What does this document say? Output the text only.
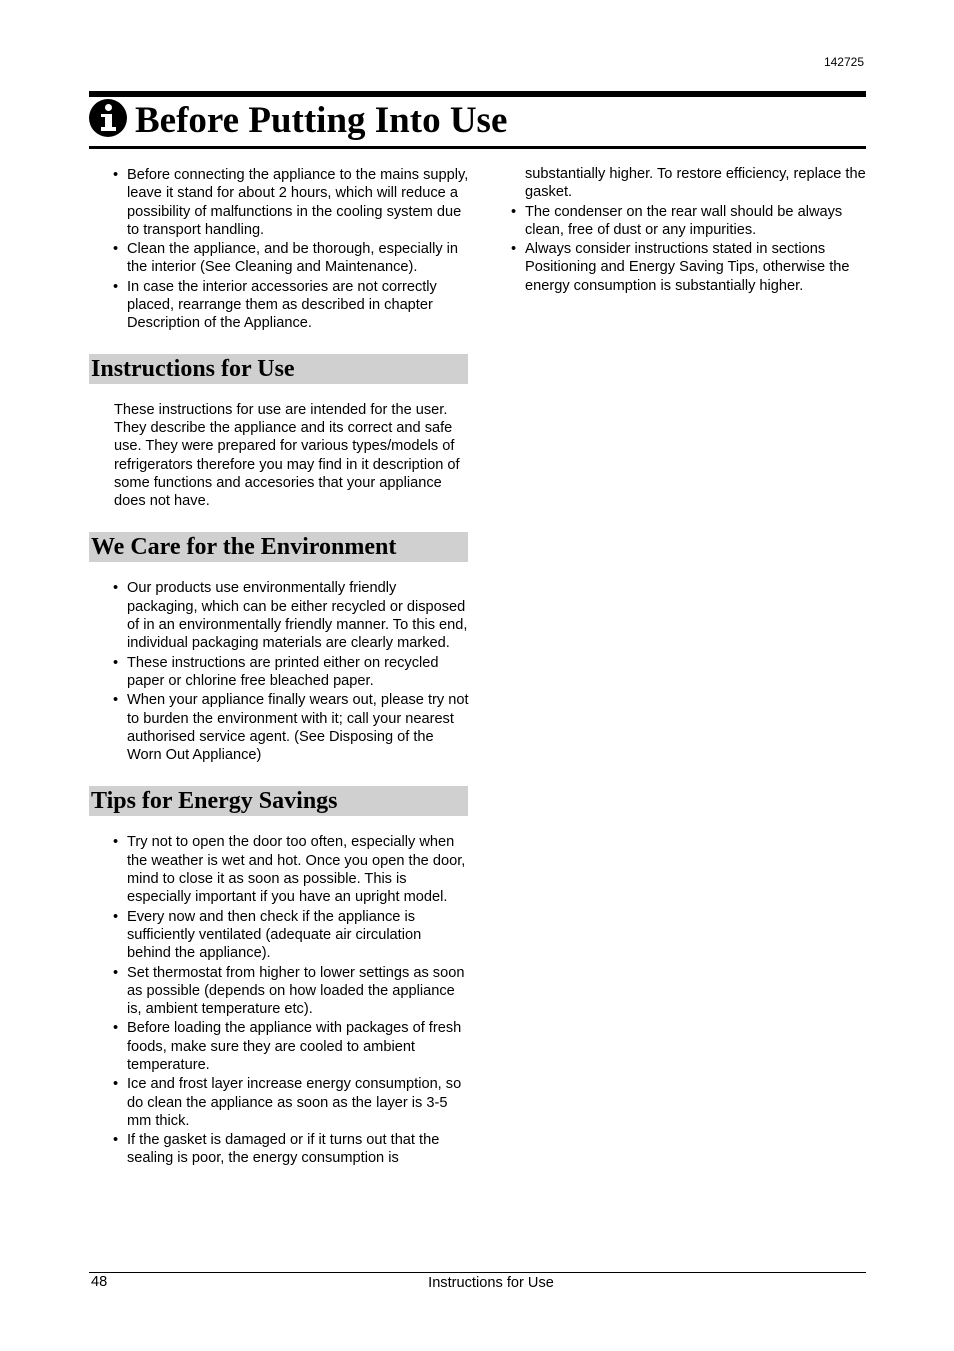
142725
Before Putting Into Use
• Before connecting the appliance to the mains supply, leave it stand for about 2 hours, which will reduce a possibility of malfunctions in the cooling system due to transport handling.
• Clean the appliance, and be thorough, especially in the interior (See Cleaning and Maintenance).
• In case the interior accessories are not correctly placed, rearrange them as described in chapter Description of the Appliance.
Instructions for Use

These instructions for use are intended for the user. They describe the appliance and its correct and safe use. They were prepared for various types/models of refrigerators therefore you may find in it description of some functions and accesories that your appliance does not have.

We Care for the Environment
• Our products use environmentally friendly packaging, which can be either recycled or disposed of in an environmentally friendly manner. To this end, individual packaging materials are clearly marked.
• These instructions are printed either on recycled paper or chlorine free bleached paper.
• When your appliance finally wears out, please try not to burden the environment with it; call your nearest authorised service agent. (See Disposing of the Worn Out Appliance)
Tips for Energy Savings
• Try not to open the door too often, especially when the weather is wet and hot. Once you open the door, mind to close it as soon as possible. This is especially important if you have an upright model.
• Every now and then check if the appliance is sufficiently ventilated (adequate air circulation behind the appliance).
• Set thermostat from higher to lower settings as soon as possible (depends on how loaded the appliance is, ambient temperature etc).
• Before loading the appliance with packages of fresh foods, make sure they are cooled to ambient temperature.
• Ice and frost layer increase energy consumption, so do clean the appliance as soon as the layer is 3-5 mm thick.
• If the gasket is damaged or if it turns out that the sealing is poor, the energy consumption is
substantially higher. To restore efficiency, replace the gasket.
• The condenser on the rear wall should be always clean, free of dust or any impurities.
• Always consider instructions stated in sections Positioning and Energy Saving Tips, otherwise the energy consumption is substantially higher.
48	Instructions for Use
